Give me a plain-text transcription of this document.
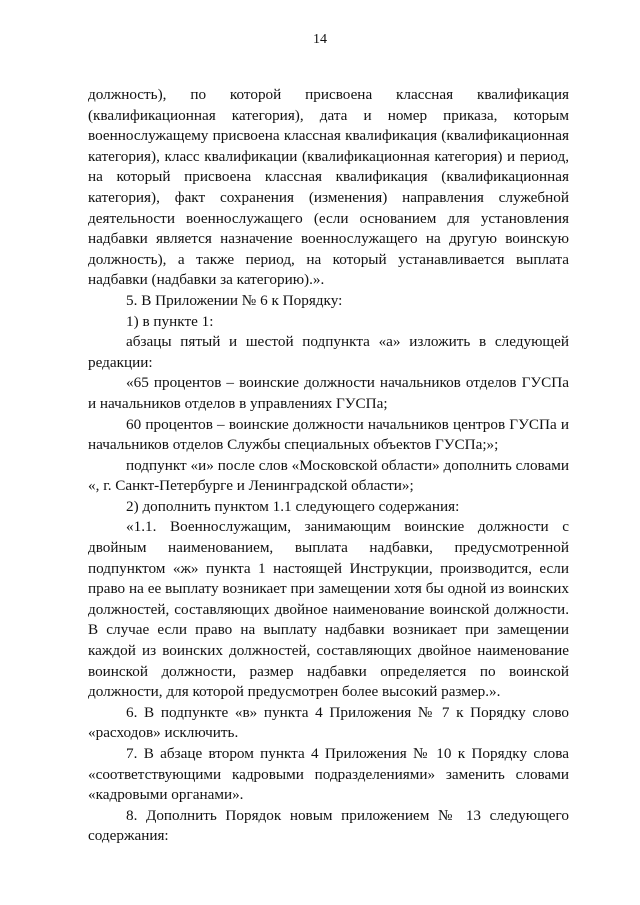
14

должность), по которой присвоена классная квалификация (квалификационная категория), дата и номер приказа, которым военнослужащему присвоена классная квалификация (квалификационная категория), класс квалификации (квалификационная категория) и период, на который присвоена классная квалификация (квалификационная категория), факт сохранения (изменения) направления служебной деятельности военнослужащего (если основанием для установления надбавки является назначение военнослужащего на другую воинскую должность), а также период, на который устанавливается выплата надбавки (надбавки за категорию).».

5. В Приложении № 6 к Порядку:

1) в пункте 1:

абзацы пятый и шестой подпункта «а» изложить в следующей редакции:

«65 процентов – воинские должности начальников отделов ГУСПа и начальников отделов в управлениях ГУСПа;

60 процентов – воинские должности начальников центров ГУСПа и начальников отделов Службы специальных объектов ГУСПа;»;

подпункт «и» после слов «Московской области» дополнить словами «, г. Санкт-Петербурге и Ленинградской области»;

2) дополнить пунктом 1.1 следующего содержания:

«1.1. Военнослужащим, занимающим воинские должности с двойным наименованием, выплата надбавки, предусмотренной подпунктом «ж» пункта 1 настоящей Инструкции, производится, если право на ее выплату возникает при замещении хотя бы одной из воинских должностей, составляющих двойное наименование воинской должности. В случае если право на выплату надбавки возникает при замещении каждой из воинских должностей, составляющих двойное наименование воинской должности, размер надбавки определяется по воинской должности, для которой предусмотрен более высокий размер.».

6. В подпункте «в» пункта 4 Приложения № 7 к Порядку слово «расходов» исключить.

7. В абзаце втором пункта 4 Приложения № 10 к Порядку слова «соответствующими кадровыми подразделениями» заменить словами «кадровыми органами».

8. Дополнить Порядок новым приложением № 13 следующего содержания:
